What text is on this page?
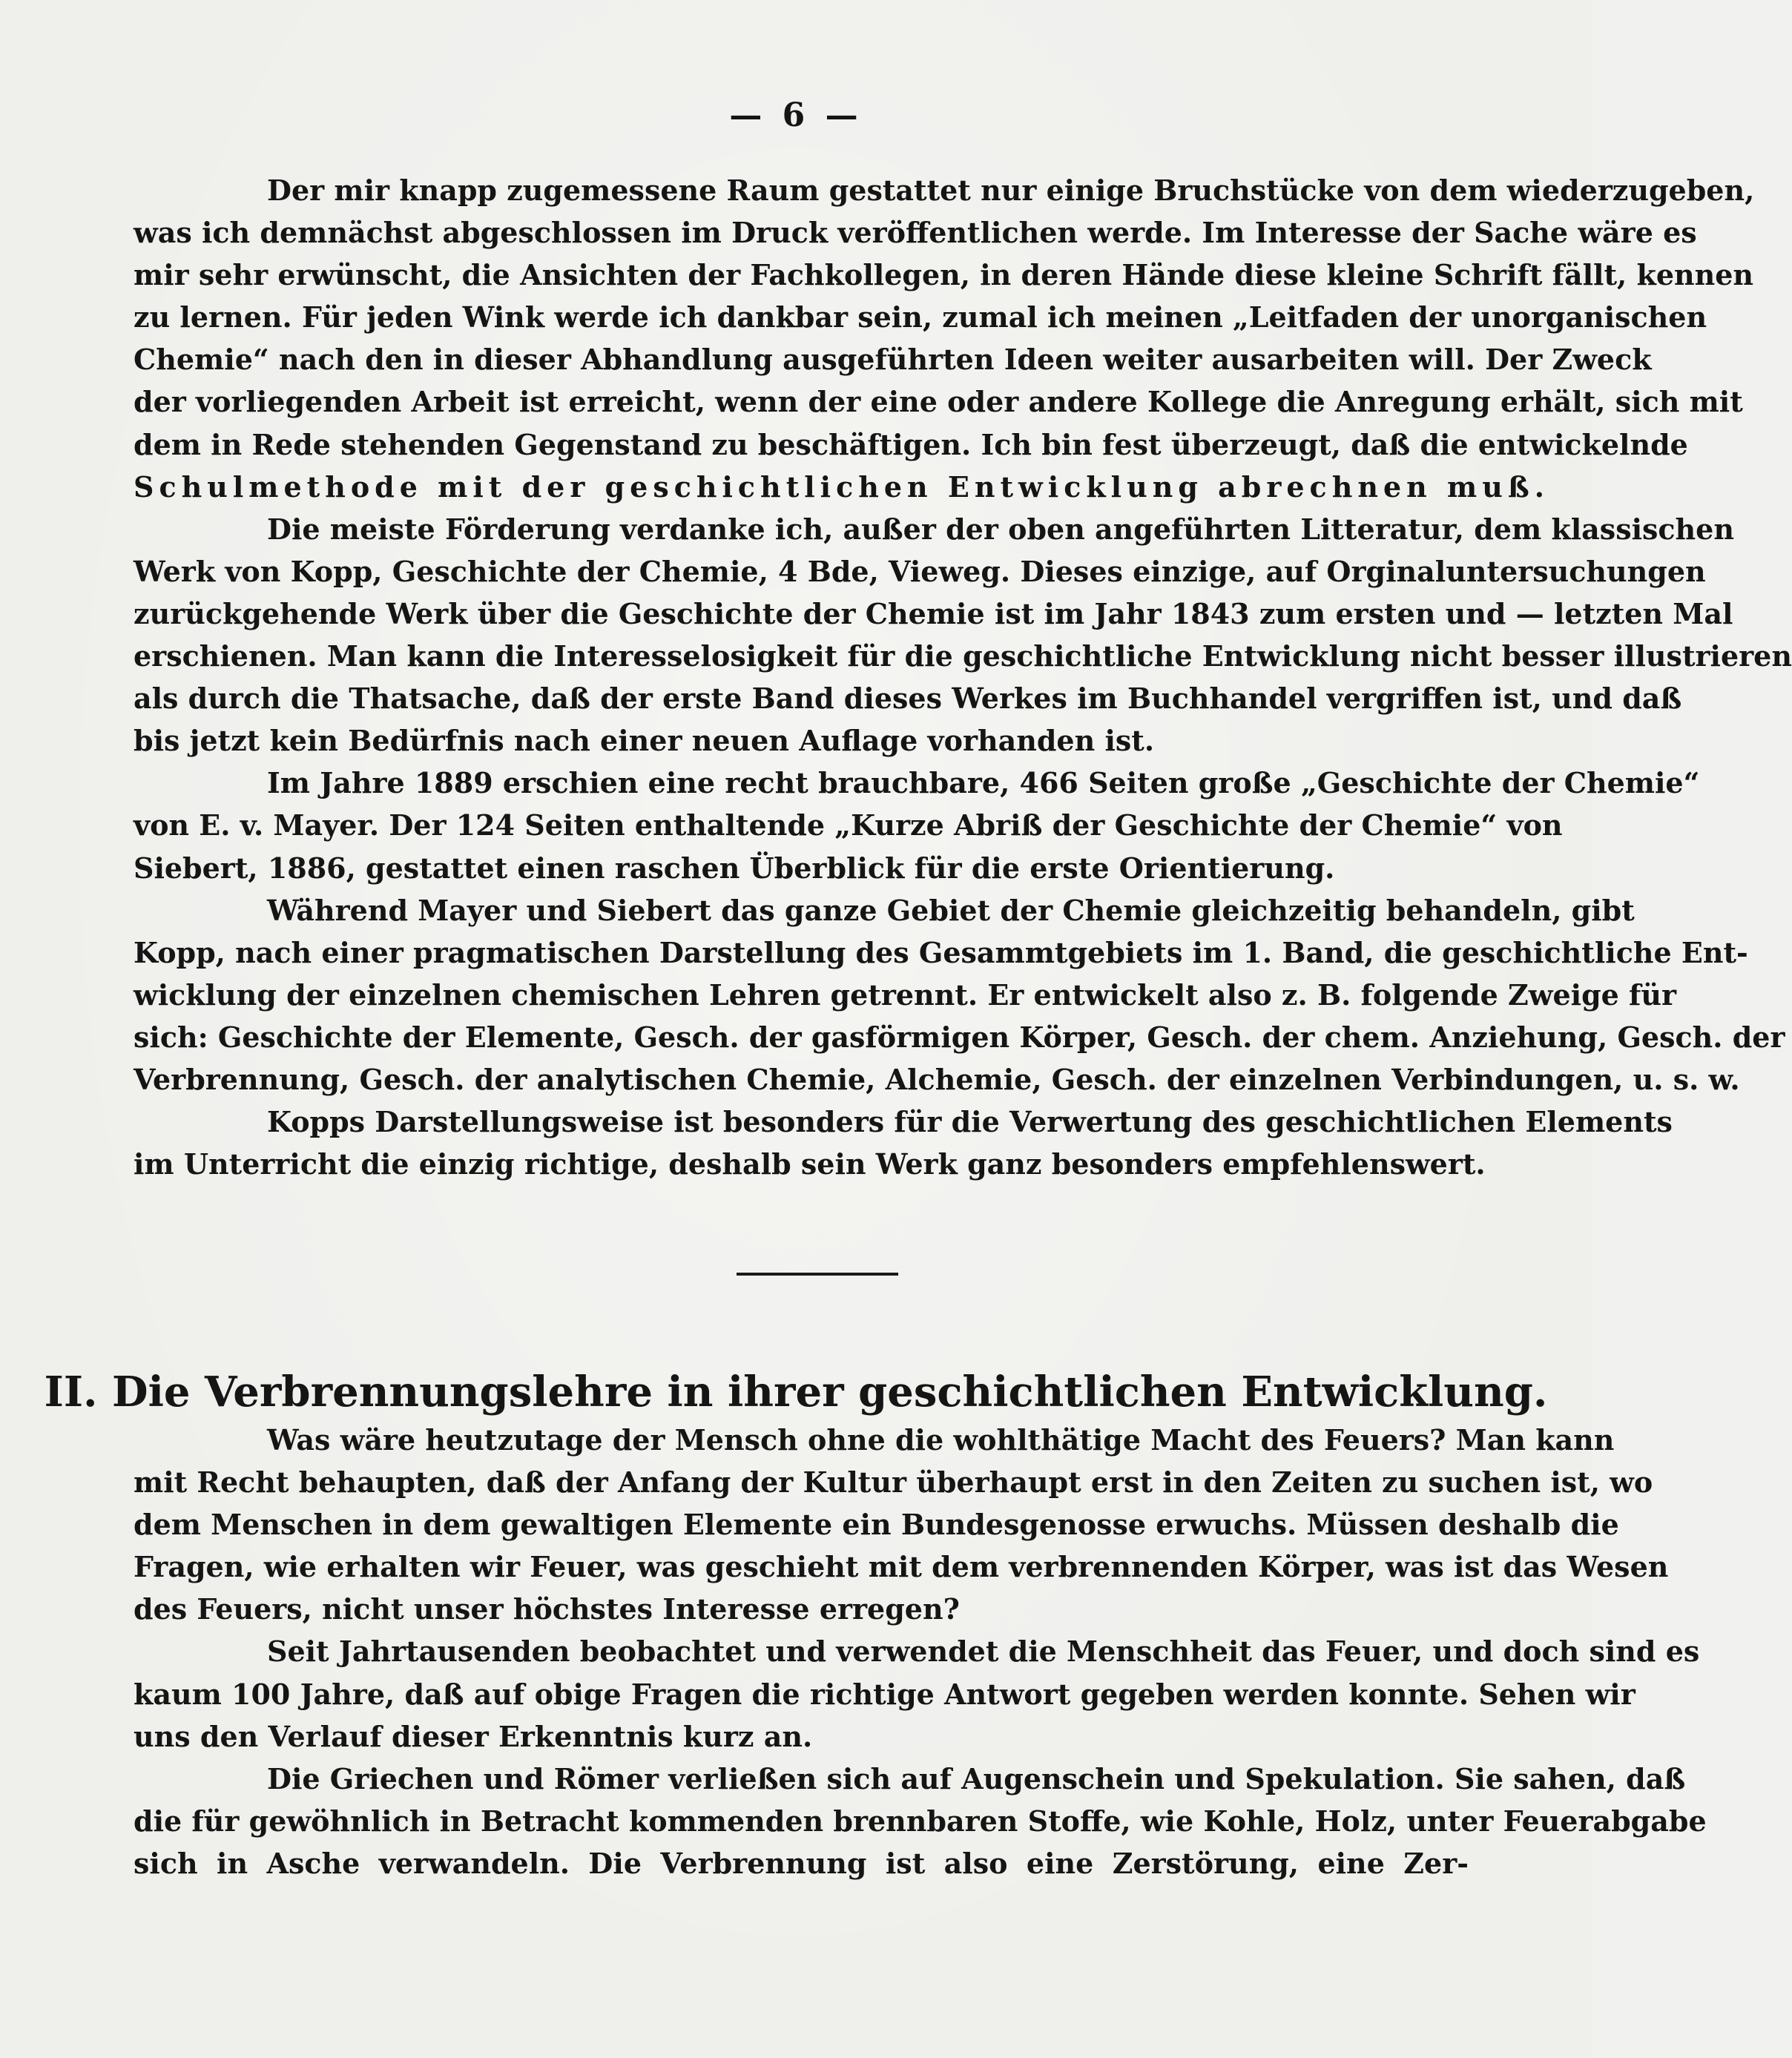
— 6 —

Der mir knapp zugemessene Raum gestattet nur einige Bruchstücke von dem wiederzugeben,
was ich demnächst abgeschlossen im Druck veröffentlichen werde. Im Interesse der Sache wäre es
mir sehr erwünscht, die Ansichten der Fachkollegen, in deren Hände diese kleine Schrift fällt, kennen
zu lernen. Für jeden Wink werde ich dankbar sein, zumal ich meinen „Leitfaden der unorganischen
Chemie“ nach den in dieser Abhandlung ausgeführten Ideen weiter ausarbeiten will. Der Zweck
der vorliegenden Arbeit ist erreicht, wenn der eine oder andere Kollege die Anregung erhält, sich mit
dem in Rede stehenden Gegenstand zu beschäftigen. Ich bin fest überzeugt, daß die entwickelnde
Schulmethode mit der geschichtlichen Entwicklung abrechnen muß.

Die meiste Förderung verdanke ich, außer der oben angeführten Litteratur, dem klassischen
Werk von Kopp, Geschichte der Chemie, 4 Bde, Vieweg. Dieses einzige, auf Orginaluntersuchungen
zurückgehende Werk über die Geschichte der Chemie ist im Jahr 1843 zum ersten und — letzten Mal
erschienen. Man kann die Interesselosigkeit für die geschichtliche Entwicklung nicht besser illustrieren
als durch die Thatsache, daß der erste Band dieses Werkes im Buchhandel vergriffen ist, und daß
bis jetzt kein Bedürfnis nach einer neuen Auflage vorhanden ist.

Im Jahre 1889 erschien eine recht brauchbare, 466 Seiten große „Geschichte der Chemie“
von E. v. Mayer. Der 124 Seiten enthaltende „Kurze Abriß der Geschichte der Chemie“ von
Siebert, 1886, gestattet einen raschen Überblick für die erste Orientierung.

Während Mayer und Siebert das ganze Gebiet der Chemie gleichzeitig behandeln, gibt
Kopp, nach einer pragmatischen Darstellung des Gesammtgebiets im 1. Band, die geschichtliche Ent-
wicklung der einzelnen chemischen Lehren getrennt. Er entwickelt also z. B. folgende Zweige für
sich: Geschichte der Elemente, Gesch. der gasförmigen Körper, Gesch. der chem. Anziehung, Gesch. der
Verbrennung, Gesch. der analytischen Chemie, Alchemie, Gesch. der einzelnen Verbindungen, u. s. w.

Kopps Darstellungsweise ist besonders für die Verwertung des geschichtlichen Elements
im Unterricht die einzig richtige, deshalb sein Werk ganz besonders empfehlenswert.

II. Die Verbrennungslehre in ihrer geschichtlichen Entwicklung.

Was wäre heutzutage der Mensch ohne die wohlthätige Macht des Feuers? Man kann
mit Recht behaupten, daß der Anfang der Kultur überhaupt erst in den Zeiten zu suchen ist, wo
dem Menschen in dem gewaltigen Elemente ein Bundesgenosse erwuchs. Müssen deshalb die
Fragen, wie erhalten wir Feuer, was geschieht mit dem verbrennenden Körper, was ist das Wesen
des Feuers, nicht unser höchstes Interesse erregen?

Seit Jahrtausenden beobachtet und verwendet die Menschheit das Feuer, und doch sind es
kaum 100 Jahre, daß auf obige Fragen die richtige Antwort gegeben werden konnte. Sehen wir
uns den Verlauf dieser Erkenntnis kurz an.

Die Griechen und Römer verließen sich auf Augenschein und Spekulation. Sie sahen, daß
die für gewöhnlich in Betracht kommenden brennbaren Stoffe, wie Kohle, Holz, unter Feuerabgabe
sich in Asche verwandeln. Die Verbrennung ist also eine Zerstörung, eine Zer-
